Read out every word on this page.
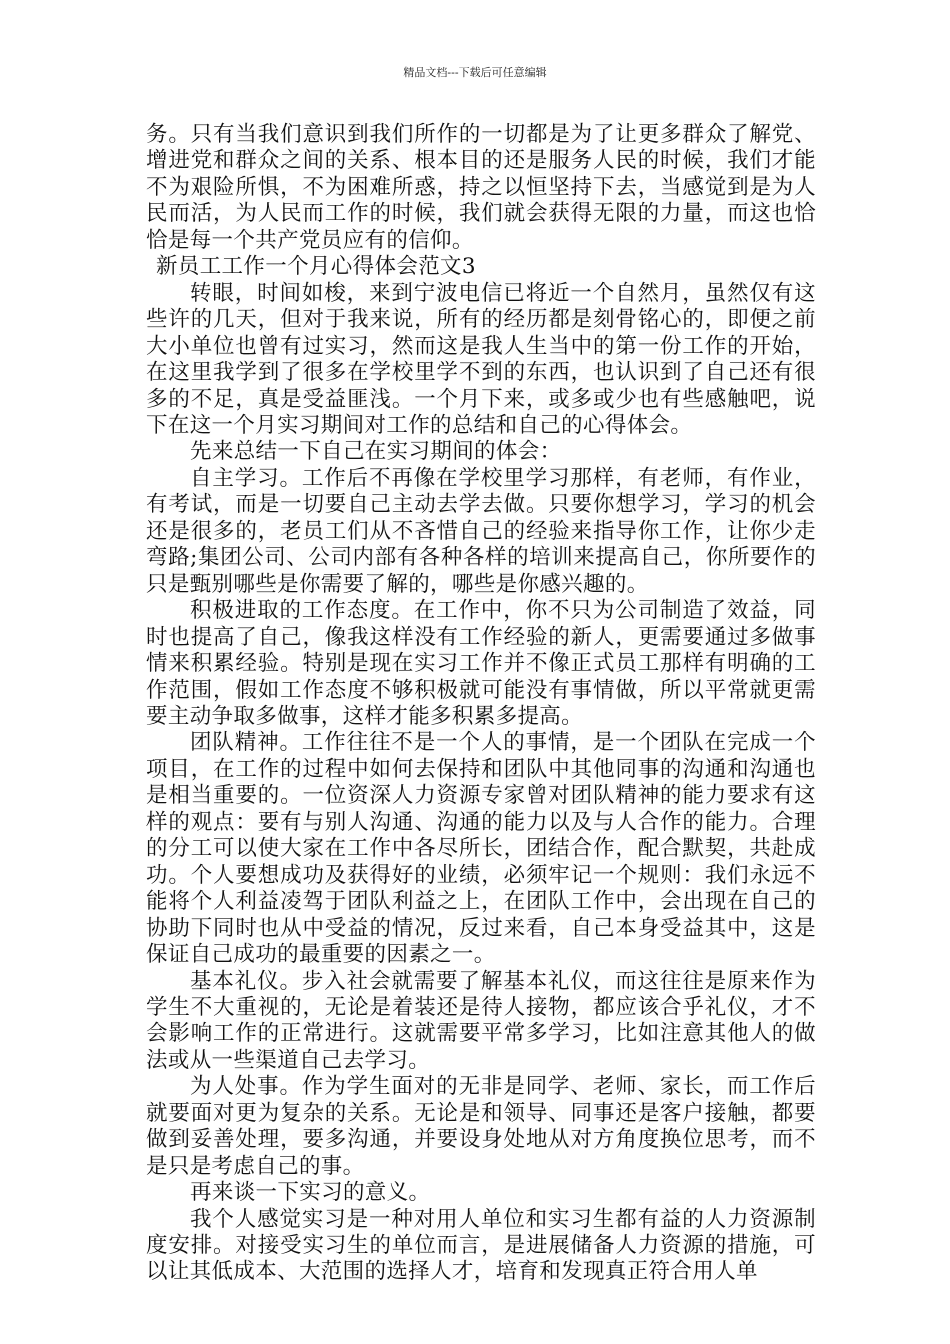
精品文档---下载后可任意编辑

务。只有当我们意识到我们所作的一切都是为了让更多群众了解党、增进党和群众之间的关系、根本目的还是服务人民的时候，我们才能不为艰险所惧，不为困难所惑，持之以恒坚持下去，当感觉到是为人民而活，为人民而工作的时候，我们就会获得无限的力量，而这也恰恰是每一个共产党员应有的信仰。

新员工工作一个月心得体会范文3

转眼，时间如梭，来到宁波电信已将近一个自然月，虽然仅有这些许的几天，但对于我来说，所有的经历都是刻骨铭心的，即便之前大小单位也曾有过实习，然而这是我人生当中的第一份工作的开始，在这里我学到了很多在学校里学不到的东西，也认识到了自己还有很多的不足，真是受益匪浅。一个月下来，或多或少也有些感触吧，说下在这一个月实习期间对工作的总结和自己的心得体会。

先来总结一下自己在实习期间的体会：

自主学习。工作后不再像在学校里学习那样，有老师，有作业，有考试，而是一切要自己主动去学去做。只要你想学习，学习的机会还是很多的，老员工们从不吝惜自己的经验来指导你工作，让你少走弯路;集团公司、公司内部有各种各样的培训来提高自己，你所要作的只是甄别哪些是你需要了解的，哪些是你感兴趣的。

积极进取的工作态度。在工作中，你不只为公司制造了效益，同时也提高了自己，像我这样没有工作经验的新人，更需要通过多做事情来积累经验。特别是现在实习工作并不像正式员工那样有明确的工作范围，假如工作态度不够积极就可能没有事情做，所以平常就更需要主动争取多做事，这样才能多积累多提高。

团队精神。工作往往不是一个人的事情，是一个团队在完成一个项目，在工作的过程中如何去保持和团队中其他同事的沟通和沟通也是相当重要的。一位资深人力资源专家曾对团队精神的能力要求有这样的观点：要有与别人沟通、沟通的能力以及与人合作的能力。合理的分工可以使大家在工作中各尽所长，团结合作，配合默契，共赴成功。个人要想成功及获得好的业绩，必须牢记一个规则：我们永远不能将个人利益凌驾于团队利益之上，在团队工作中，会出现在自己的协助下同时也从中受益的情况，反过来看，自己本身受益其中，这是保证自己成功的最重要的因素之一。

基本礼仪。步入社会就需要了解基本礼仪，而这往往是原来作为学生不大重视的，无论是着装还是待人接物，都应该合乎礼仪，才不会影响工作的正常进行。这就需要平常多学习，比如注意其他人的做法或从一些渠道自己去学习。

为人处事。作为学生面对的无非是同学、老师、家长，而工作后就要面对更为复杂的关系。无论是和领导、同事还是客户接触，都要做到妥善处理，要多沟通，并要设身处地从对方角度换位思考，而不是只是考虑自己的事。

再来谈一下实习的意义。

我个人感觉实习是一种对用人单位和实习生都有益的人力资源制度安排。对接受实习生的单位而言，是进展储备人力资源的措施，可以让其低成本、大范围的选择人才，培育和发现真正符合用人单
